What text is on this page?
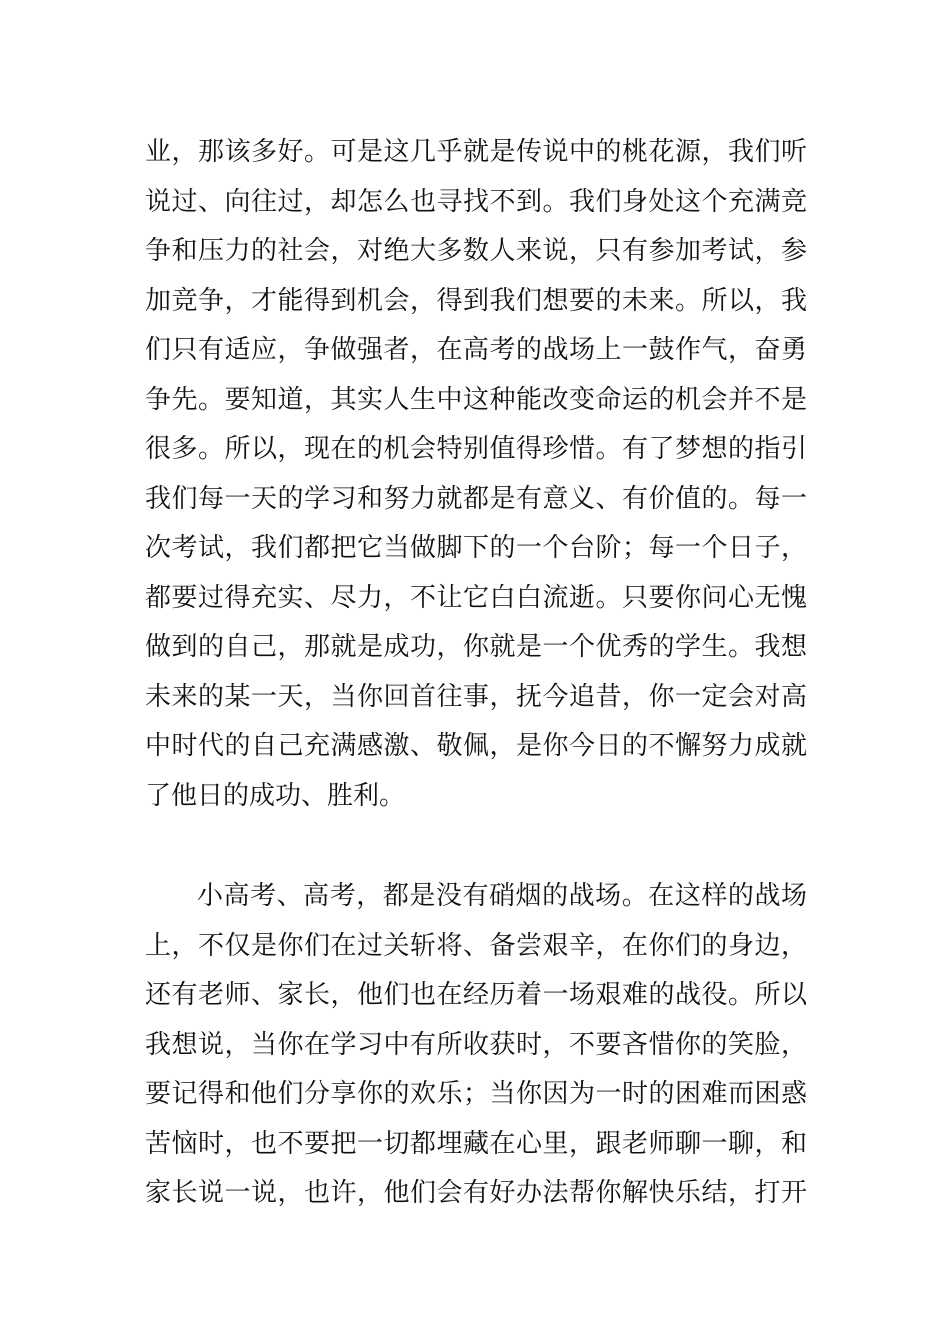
业，那该多好。可是这几乎就是传说中的桃花源，我们听
说过、向往过，却怎么也寻找不到。我们身处这个充满竞
争和压力的社会，对绝大多数人来说，只有参加考试，参
加竞争，才能得到机会，得到我们想要的未来。所以，我
们只有适应，争做强者，在高考的战场上一鼓作气，奋勇
争先。要知道，其实人生中这种能改变命运的机会并不是
很多。所以，现在的机会特别值得珍惜。有了梦想的指引
我们每一天的学习和努力就都是有意义、有价值的。每一
次考试，我们都把它当做脚下的一个台阶；每一个日子，
都要过得充实、尽力，不让它白白流逝。只要你问心无愧
做到的自己，那就是成功，你就是一个优秀的学生。我想
未来的某一天，当你回首往事，抚今追昔，你一定会对高
中时代的自己充满感激、敬佩，是你今日的不懈努力成就
了他日的成功、胜利。
小高考、高考，都是没有硝烟的战场。在这样的战场
上，不仅是你们在过关斩将、备尝艰辛，在你们的身边，
还有老师、家长，他们也在经历着一场艰难的战役。所以
我想说，当你在学习中有所收获时，不要吝惜你的笑脸，
要记得和他们分享你的欢乐；当你因为一时的困难而困惑
苦恼时，也不要把一切都埋藏在心里，跟老师聊一聊，和
家长说一说，也许，他们会有好办法帮你解快乐结，打开
